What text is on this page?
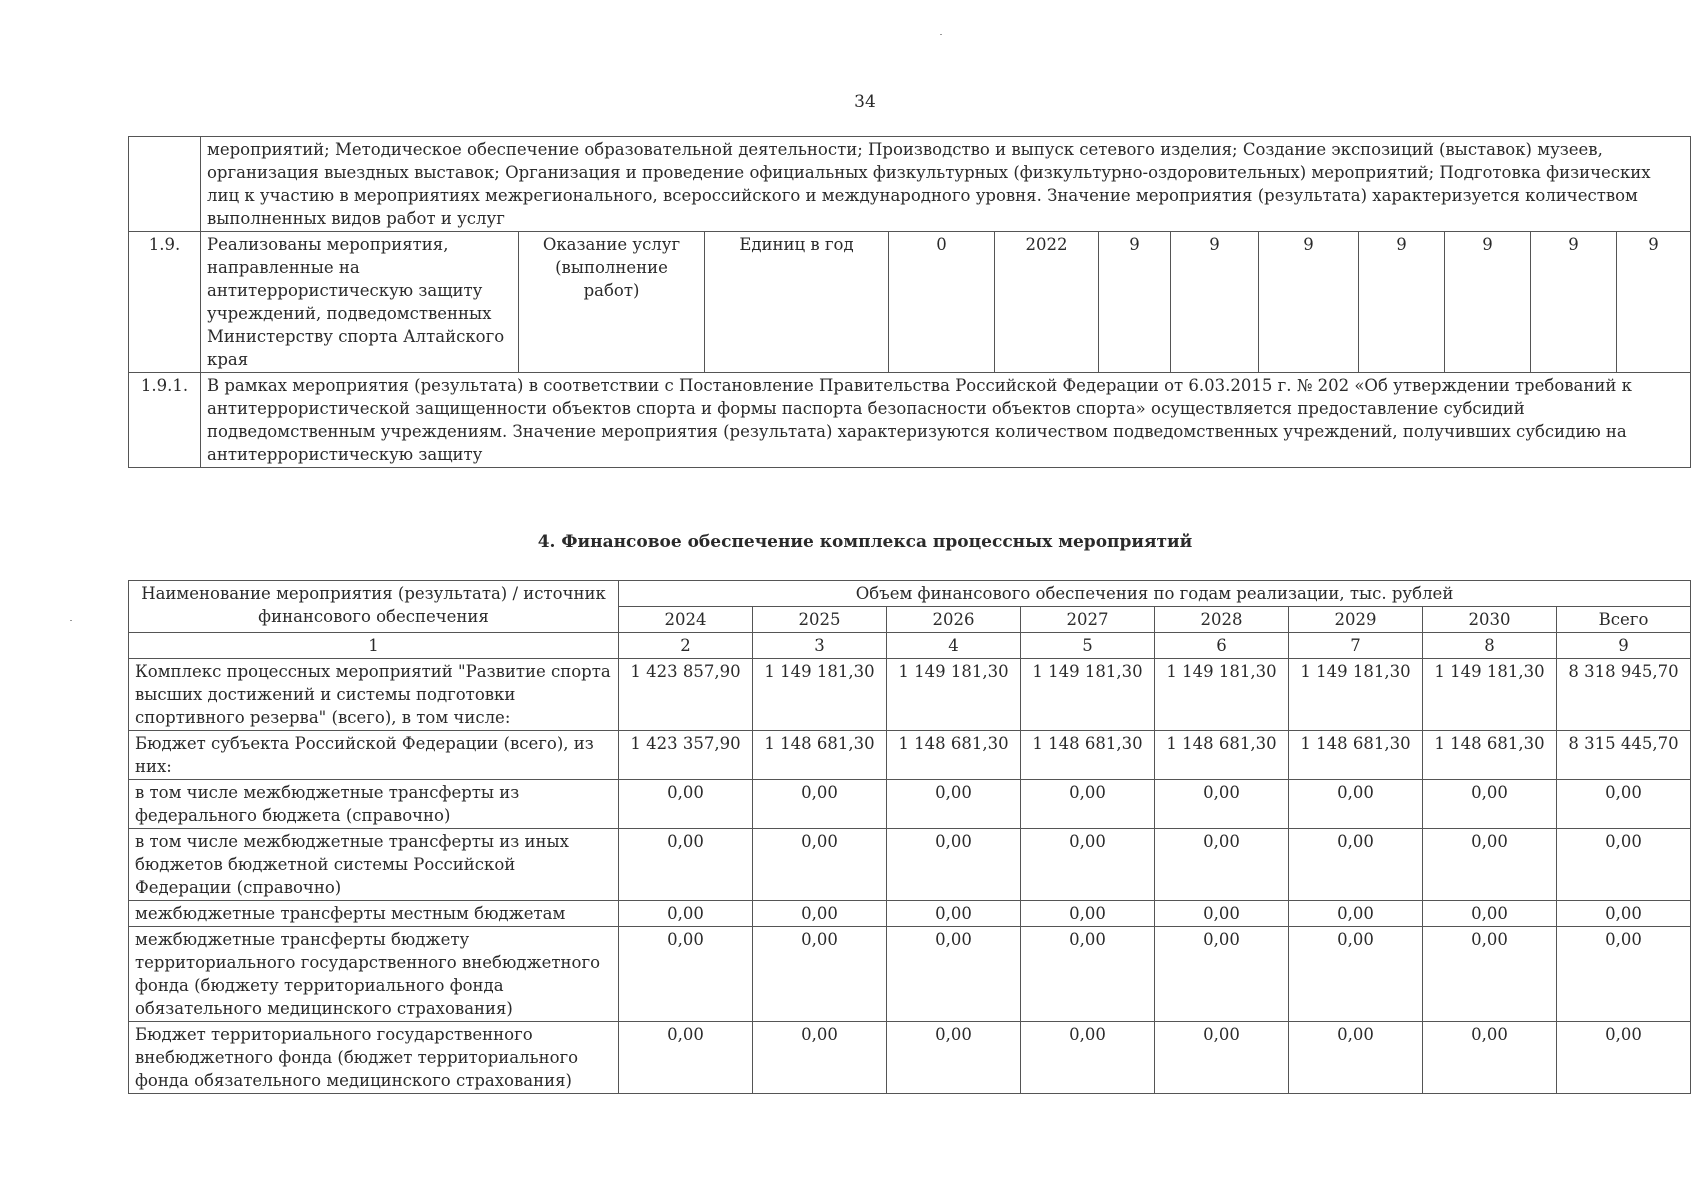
34
	мероприятий; Методическое обеспечение образовательной деятельности; Производство и выпуск сетевого изделия; Создание экспозиций (выставок) музеев, организация выездных выставок; Организация и проведение официальных физкультурных (физкультурно-оздоровительных) мероприятий; Подготовка физических лиц к участию в мероприятиях межрегионального, всероссийского и международного уровня. Значение мероприятия (результата) характеризуется количеством выполненных видов работ и услуг											
1.9.	Реализованы мероприятия, направленные на антитеррористическую защиту учреждений, подведомственных Министерству спорта Алтайского края	Оказание услуг (выполнение работ)	Единиц в год	0	2022	9	9	9	9	9	9	9
1.9.1.	В рамках мероприятия (результата) в соответствии с Постановление Правительства Российской Федерации от 6.03.2015 г. № 202 «Об утверждении требований к антитеррористической защищенности объектов спорта и формы паспорта безопасности объектов спорта» осуществляется предоставление субсидий подведомственным учреждениям. Значение мероприятия (результата) характеризуются количеством подведомственных учреждений, получивших субсидию на антитеррористическую защиту											
4. Финансовое обеспечение комплекса процессных мероприятий
Наименование мероприятия (результата) / источник финансового обеспечения	Объем финансового обеспечения по годам реализации, тыс. рублей							
	2024	2025	2026	2027	2028	2029	2030	Всего
1	2	3	4	5	6	7	8	9
Комплекс процессных мероприятий "Развитие спорта высших достижений и системы подготовки спортивного резерва" (всего), в том числе:	1 423 857,90	1 149 181,30	1 149 181,30	1 149 181,30	1 149 181,30	1 149 181,30	1 149 181,30	8 318 945,70
Бюджет субъекта Российской Федерации (всего), из них:	1 423 357,90	1 148 681,30	1 148 681,30	1 148 681,30	1 148 681,30	1 148 681,30	1 148 681,30	8 315 445,70
в том числе межбюджетные трансферты из федерального бюджета (справочно)	0,00	0,00	0,00	0,00	0,00	0,00	0,00	0,00
в том числе межбюджетные трансферты из иных бюджетов бюджетной системы Российской Федерации (справочно)	0,00	0,00	0,00	0,00	0,00	0,00	0,00	0,00
межбюджетные трансферты местным бюджетам	0,00	0,00	0,00	0,00	0,00	0,00	0,00	0,00
межбюджетные трансферты бюджету территориального государственного внебюджетного фонда (бюджету территориального фонда обязательного медицинского страхования)	0,00	0,00	0,00	0,00	0,00	0,00	0,00	0,00
Бюджет территориального государственного внебюджетного фонда (бюджет территориального фонда обязательного медицинского страхования)	0,00	0,00	0,00	0,00	0,00	0,00	0,00	0,00
